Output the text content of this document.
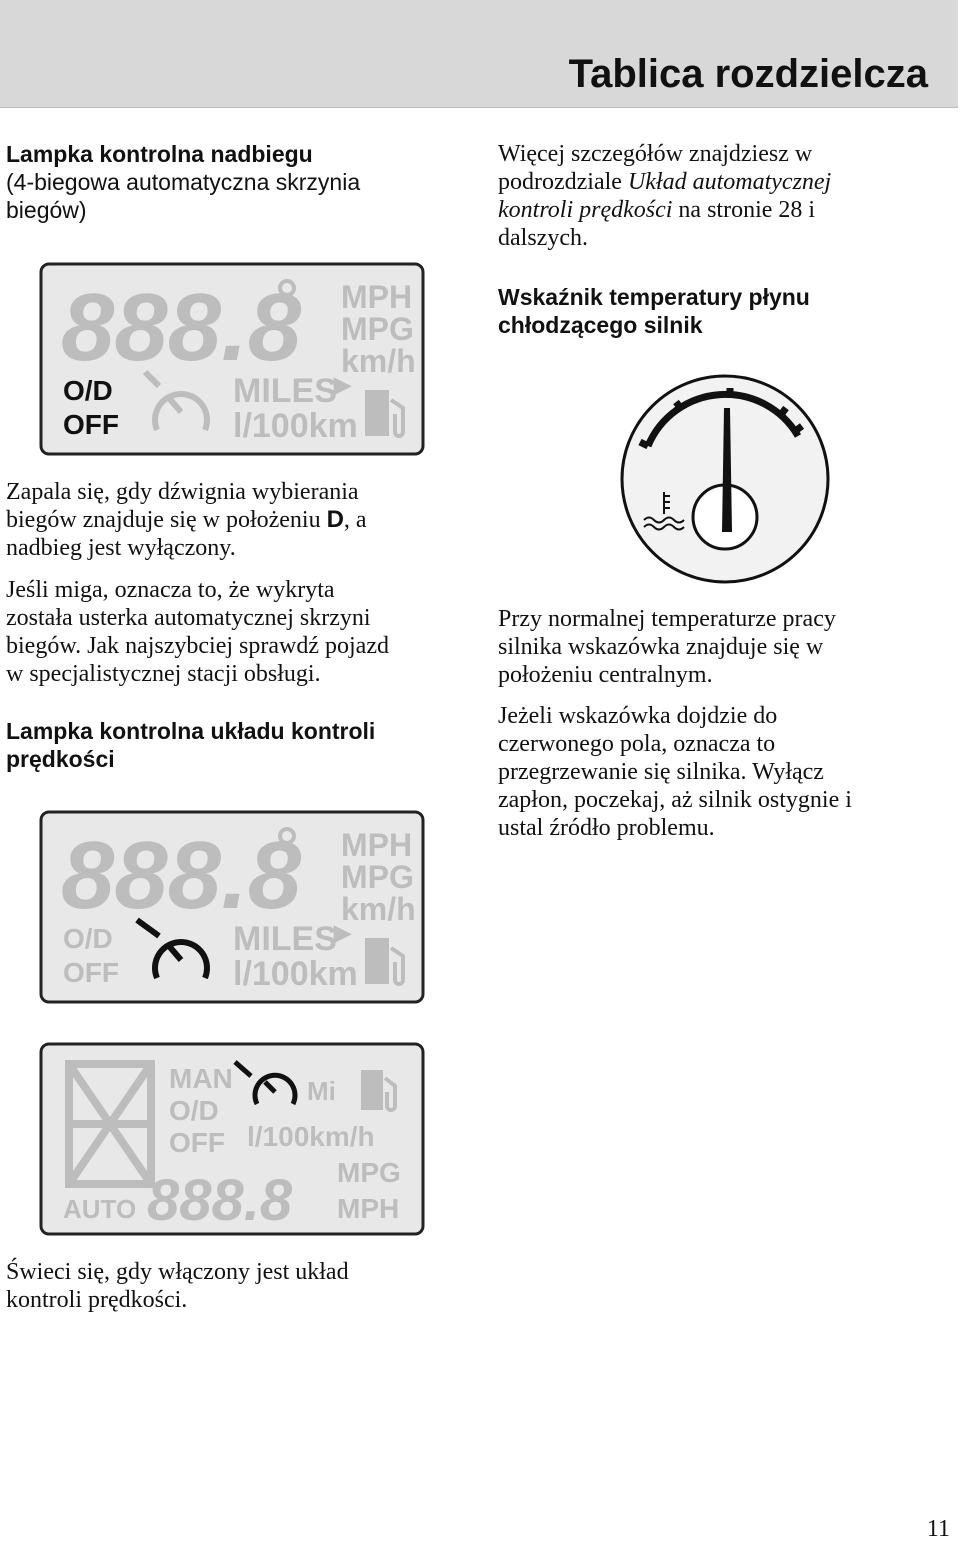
Tablica rozdzielcza
Lampka kontrolna nadbiegu
(4-biegowa automatyczna skrzynia
biegów)
888.8 MPH
MPG
km/h
MILES
l/100km
O/D
OFF
▶
Zapala się, gdy dźwignia wybierania
biegów znajduje się w położeniu D, a
nadbieg jest wyłączony.
Jeśli miga, oznacza to, że wykryta
została usterka automatycznej skrzyni
biegów. Jak najszybciej sprawdź pojazd
w specjalistycznej stacji obsługi.
Lampka kontrolna układu kontroli
prędkości
888.8 MPH
MPG
km/h
MILES
l/100km
O/D
OFF
▶
MAN
O/D
OFF
Mi
l/100km/h
888.8 MPG
MPH
AUTO
Świeci się, gdy włączony jest układ
kontroli prędkości.
Więcej szczegółów znajdziesz w
podrozdziale Układ automatycznej
kontroli prędkości na stronie 28 i
dalszych.
Wskaźnik temperatury płynu
chłodzącego silnik
Przy normalnej temperaturze pracy
silnika wskazówka znajduje się w
położeniu centralnym.
Jeżeli wskazówka dojdzie do
czerwonego pola, oznacza to
przegrzewanie się silnika. Wyłącz
zapłon, poczekaj, aż silnik ostygnie i
ustal źródło problemu.
11
